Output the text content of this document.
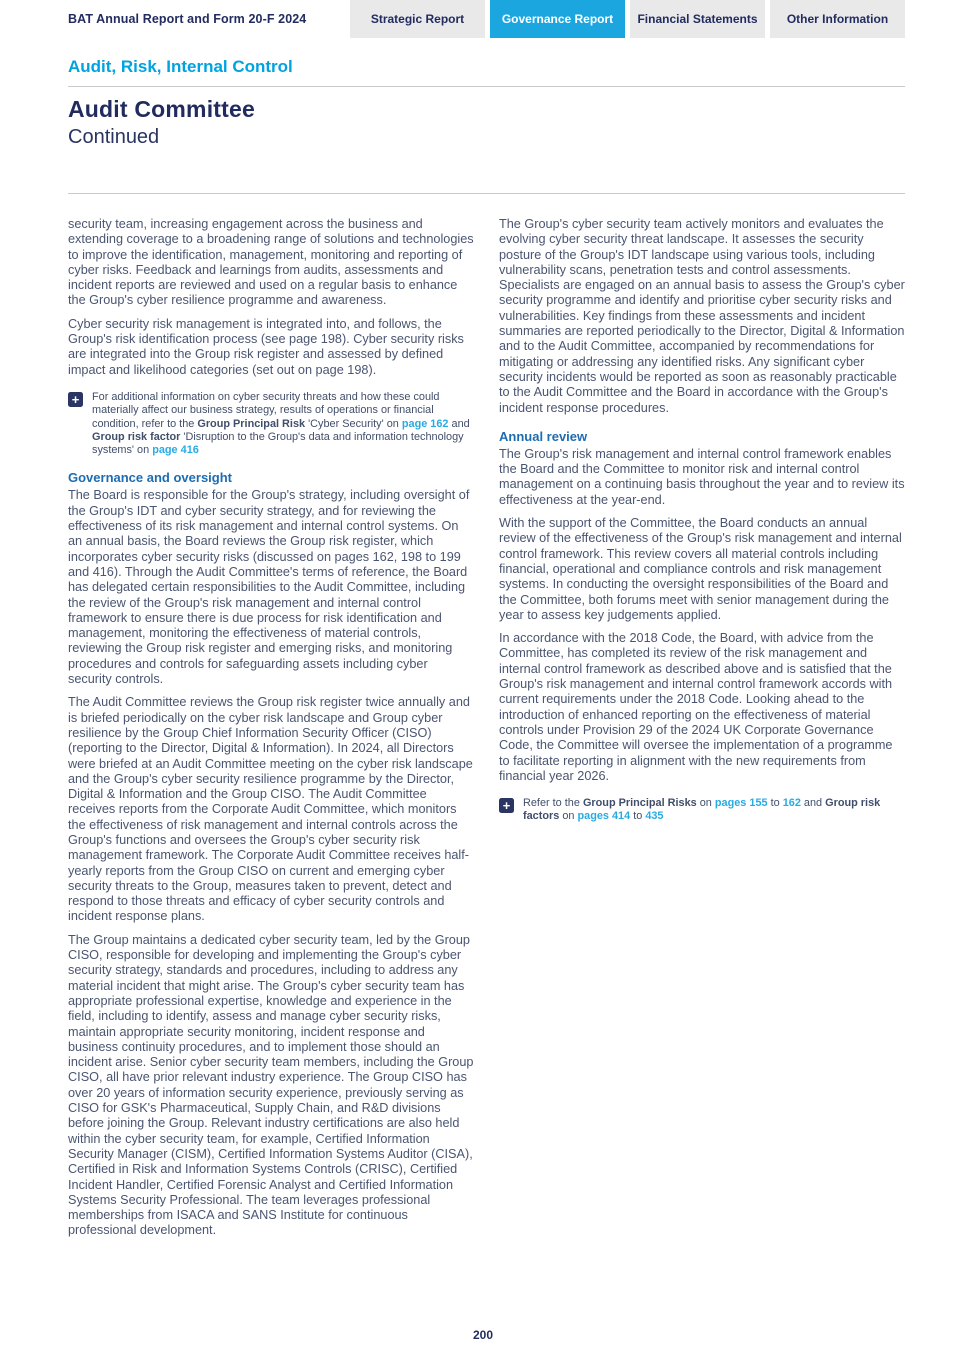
BAT Annual Report and Form 20-F 2024	Strategic Report	Governance Report	Financial Statements	Other Information
Audit, Risk, Internal Control
Audit Committee
Continued

security team, increasing engagement across the business and extending coverage to a broadening range of solutions and technologies to improve the identification, management, monitoring and reporting of cyber risks. Feedback and learnings from audits, assessments and incident reports are reviewed and used on a regular basis to enhance the Group's cyber resilience programme and awareness.

Cyber security risk management is integrated into, and follows, the Group's risk identification process (see page 198). Cyber security risks are integrated into the Group risk register and assessed by defined impact and likelihood categories (set out on page 198).

+	For additional information on cyber security threats and how these could materially affect our business strategy, results of operations or financial condition, refer to the Group Principal Risk 'Cyber Security' on page 162 and Group risk factor 'Disruption to the Group's data and information technology systems' on page 416
Governance and oversight

The Board is responsible for the Group's strategy, including oversight of the Group's IDT and cyber security strategy, and for reviewing the effectiveness of its risk management and internal control systems. On an annual basis, the Board reviews the Group risk register, which incorporates cyber security risks (discussed on pages 162, 198 to 199 and 416). Through the Audit Committee's terms of reference, the Board has delegated certain responsibilities to the Audit Committee, including the review of the Group's risk management and internal control framework to ensure there is due process for risk identification and management, monitoring the effectiveness of material controls, reviewing the Group risk register and emerging risks, and monitoring procedures and controls for safeguarding assets including cyber security controls.

The Audit Committee reviews the Group risk register twice annually and is briefed periodically on the cyber risk landscape and Group cyber resilience by the Group Chief Information Security Officer (CISO) (reporting to the Director, Digital & Information). In 2024, all Directors were briefed at an Audit Committee meeting on the cyber risk landscape and the Group's cyber security resilience programme by the Director, Digital & Information and the Group CISO. The Audit Committee receives reports from the Corporate Audit Committee, which monitors the effectiveness of risk management and internal controls across the Group's functions and oversees the Group's cyber security risk management framework. The Corporate Audit Committee receives half-yearly reports from the Group CISO on current and emerging cyber security threats to the Group, measures taken to prevent, detect and respond to those threats and efficacy of cyber security controls and incident response plans.

The Group maintains a dedicated cyber security team, led by the Group CISO, responsible for developing and implementing the Group's cyber security strategy, standards and procedures, including to address any material incident that might arise. The Group's cyber security team has appropriate professional expertise, knowledge and experience in the field, including to identify, assess and manage cyber security risks, maintain appropriate security monitoring, incident response and business continuity procedures, and to implement those should an incident arise. Senior cyber security team members, including the Group CISO, all have prior relevant industry experience. The Group CISO has over 20 years of information security experience, previously serving as CISO for GSK's Pharmaceutical, Supply Chain, and R&D divisions before joining the Group. Relevant industry certifications are also held within the cyber security team, for example, Certified Information Security Manager (CISM), Certified Information Systems Auditor (CISA), Certified in Risk and Information Systems Controls (CRISC), Certified Incident Handler, Certified Forensic Analyst and Certified Information Systems Security Professional. The team leverages professional memberships from ISACA and SANS Institute for continuous professional development.

The Group's cyber security team actively monitors and evaluates the evolving cyber security threat landscape. It assesses the security posture of the Group's IDT landscape using various tools, including vulnerability scans, penetration tests and control assessments. Specialists are engaged on an annual basis to assess the Group's cyber security programme and identify and prioritise cyber security risks and vulnerabilities. Key findings from these assessments and incident summaries are reported periodically to the Director, Digital & Information and to the Audit Committee, accompanied by recommendations for mitigating or addressing any identified risks. Any significant cyber security incidents would be reported as soon as reasonably practicable to the Audit Committee and the Board in accordance with the Group's incident response procedures.

Annual review

The Group's risk management and internal control framework enables the Board and the Committee to monitor risk and internal control management on a continuing basis throughout the year and to review its effectiveness at the year-end.

With the support of the Committee, the Board conducts an annual review of the effectiveness of the Group's risk management and internal control framework. This review covers all material controls including financial, operational and compliance controls and risk management systems. In conducting the oversight responsibilities of the Board and the Committee, both forums meet with senior management during the year to assess key judgements applied.

In accordance with the 2018 Code, the Board, with advice from the Committee, has completed its review of the risk management and internal control framework as described above and is satisfied that the Group's risk management and internal control framework accords with current requirements under the 2018 Code. Looking ahead to the introduction of enhanced reporting on the effectiveness of material controls under Provision 29 of the 2024 UK Corporate Governance Code, the Committee will oversee the implementation of a programme to facilitate reporting in alignment with the new requirements from financial year 2026.

+	Refer to the Group Principal Risks on pages 155 to 162 and Group risk factors on pages 414 to 435
200
